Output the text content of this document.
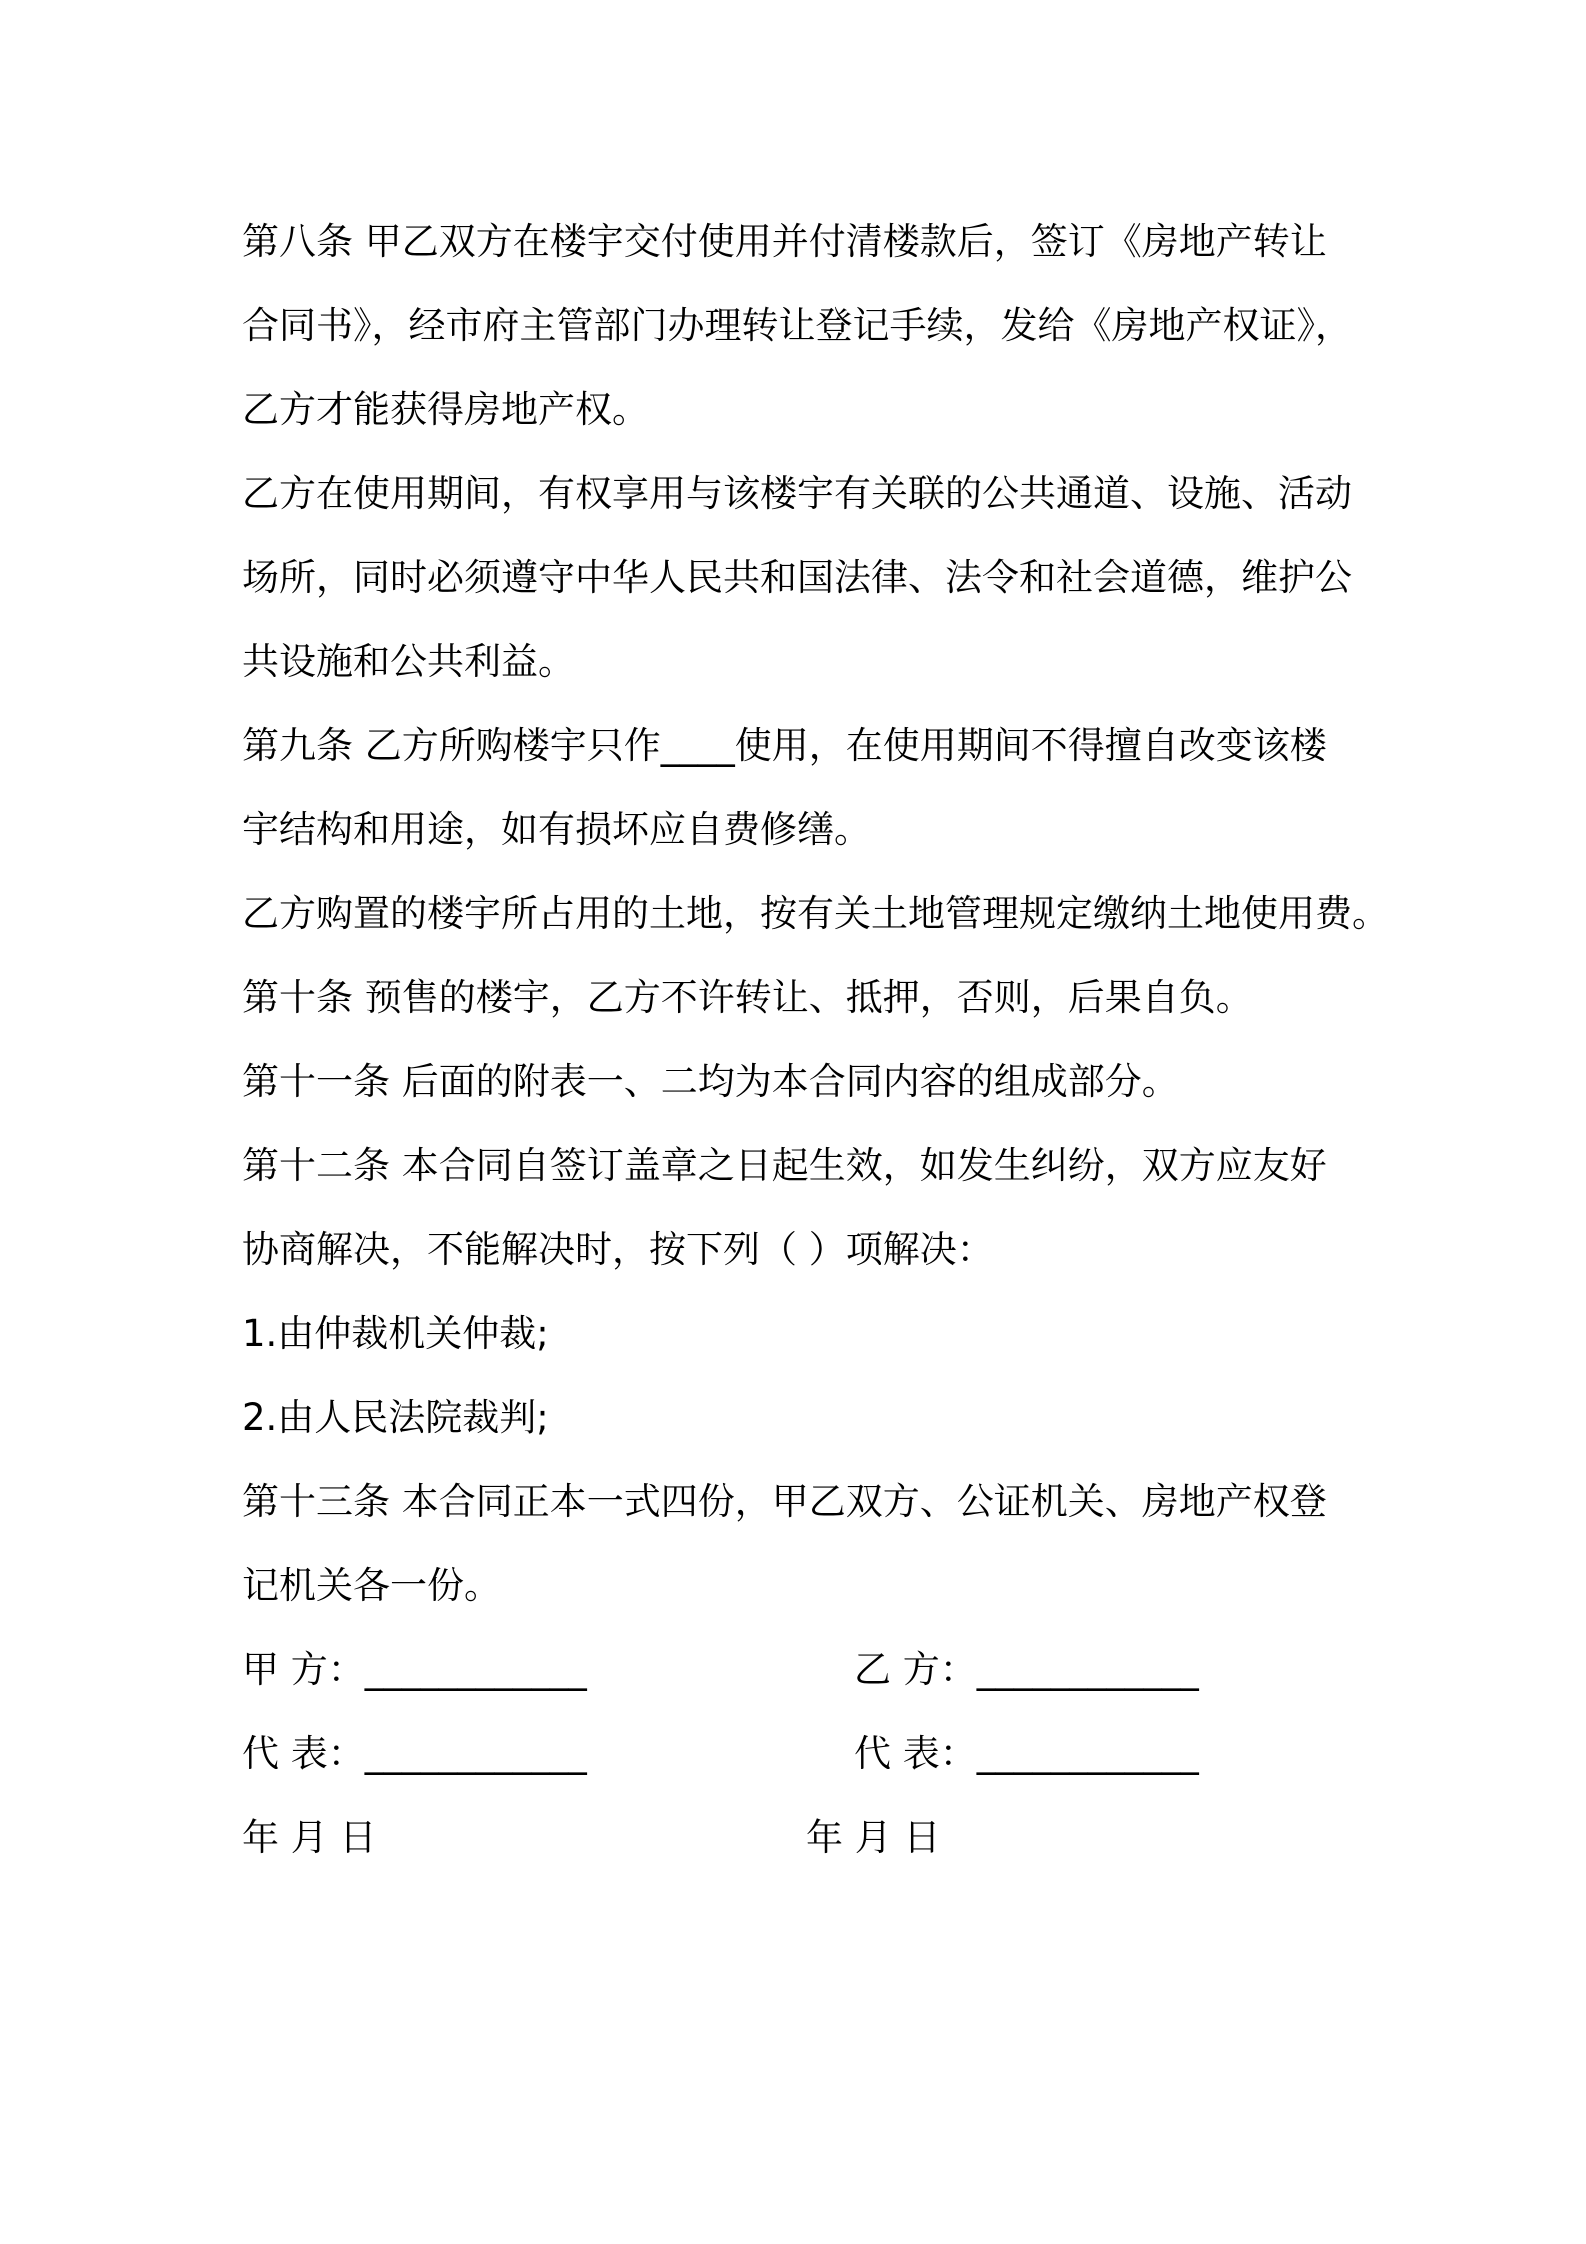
第八条 甲乙双方在楼宇交付使用并付清楼款后，签订《房地产转让
合同书》，经市府主管部门办理转让登记手续，发给《房地产权证》，
乙方才能获得房地产权。
乙方在使用期间，有权享用与该楼宇有关联的公共通道、设施、活动
场所，同时必须遵守中华人民共和国法律、法令和社会道德，维护公
共设施和公共利益。
第九条 乙方所购楼宇只作____使用，在使用期间不得擅自改变该楼
宇结构和用途，如有损坏应自费修缮。
乙方购置的楼宇所占用的土地，按有关土地管理规定缴纳土地使用费。
第十条 预售的楼宇，乙方不许转让、抵押，否则，后果自负。
第十一条 后面的附表一、二均为本合同内容的组成部分。
第十二条 本合同自签订盖章之日起生效，如发生纠纷，双方应友好
协商解决，不能解决时，按下列（ ）项解决：
1.由仲裁机关仲裁;
2.由人民法院裁判;
第十三条 本合同正本一式四份，甲乙双方、公证机关、房地产权登
记机关各一份。
甲 方：____________	乙 方：____________
代 表：____________	代 表：____________
年 月 日	年 月 日
